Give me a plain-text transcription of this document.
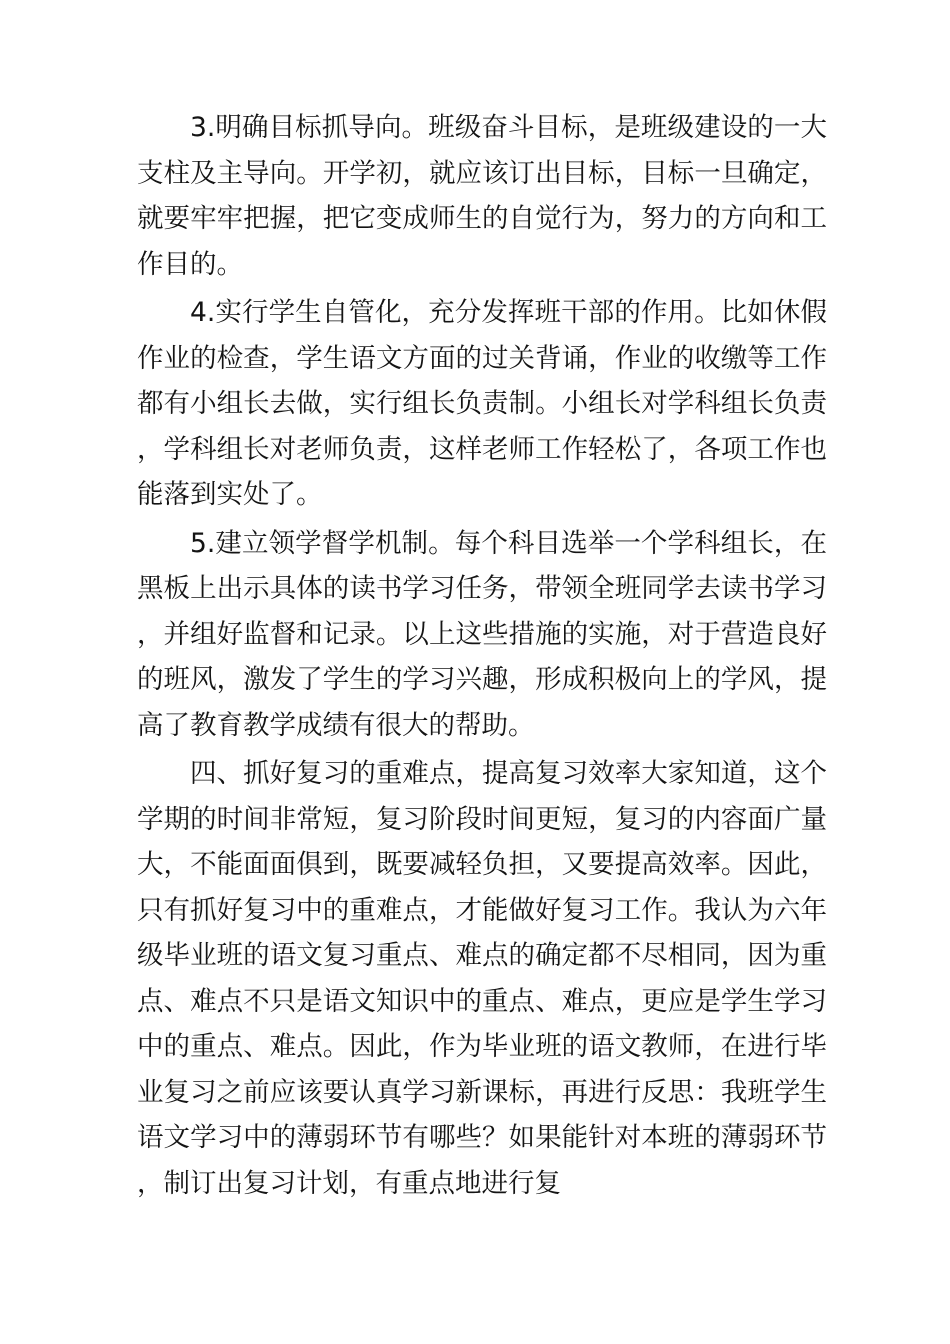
3.明确目标抓导向。班级奋斗目标，是班级建设的一大支柱及主导向。开学初，就应该订出目标，目标一旦确定，就要牢牢把握，把它变成师生的自觉行为，努力的方向和工作目的。

4.实行学生自管化，充分发挥班干部的作用。比如休假作业的检查，学生语文方面的过关背诵，作业的收缴等工作都有小组长去做，实行组长负责制。小组长对学科组长负责，学科组长对老师负责，这样老师工作轻松了，各项工作也能落到实处了。

5.建立领学督学机制。每个科目选举一个学科组长，在黑板上出示具体的读书学习任务，带领全班同学去读书学习，并组好监督和记录。以上这些措施的实施，对于营造良好的班风，激发了学生的学习兴趣，形成积极向上的学风，提高了教育教学成绩有很大的帮助。

四、抓好复习的重难点，提高复习效率大家知道，这个学期的时间非常短，复习阶段时间更短，复习的内容面广量大，不能面面俱到，既要减轻负担，又要提高效率。因此，只有抓好复习中的重难点，才能做好复习工作。我认为六年级毕业班的语文复习重点、难点的确定都不尽相同，因为重点、难点不只是语文知识中的重点、难点，更应是学生学习中的重点、难点。因此，作为毕业班的语文教师，在进行毕业复习之前应该要认真学习新课标，再进行反思：我班学生语文学习中的薄弱环节有哪些？如果能针对本班的薄弱环节，制订出复习计划，有重点地进行复
